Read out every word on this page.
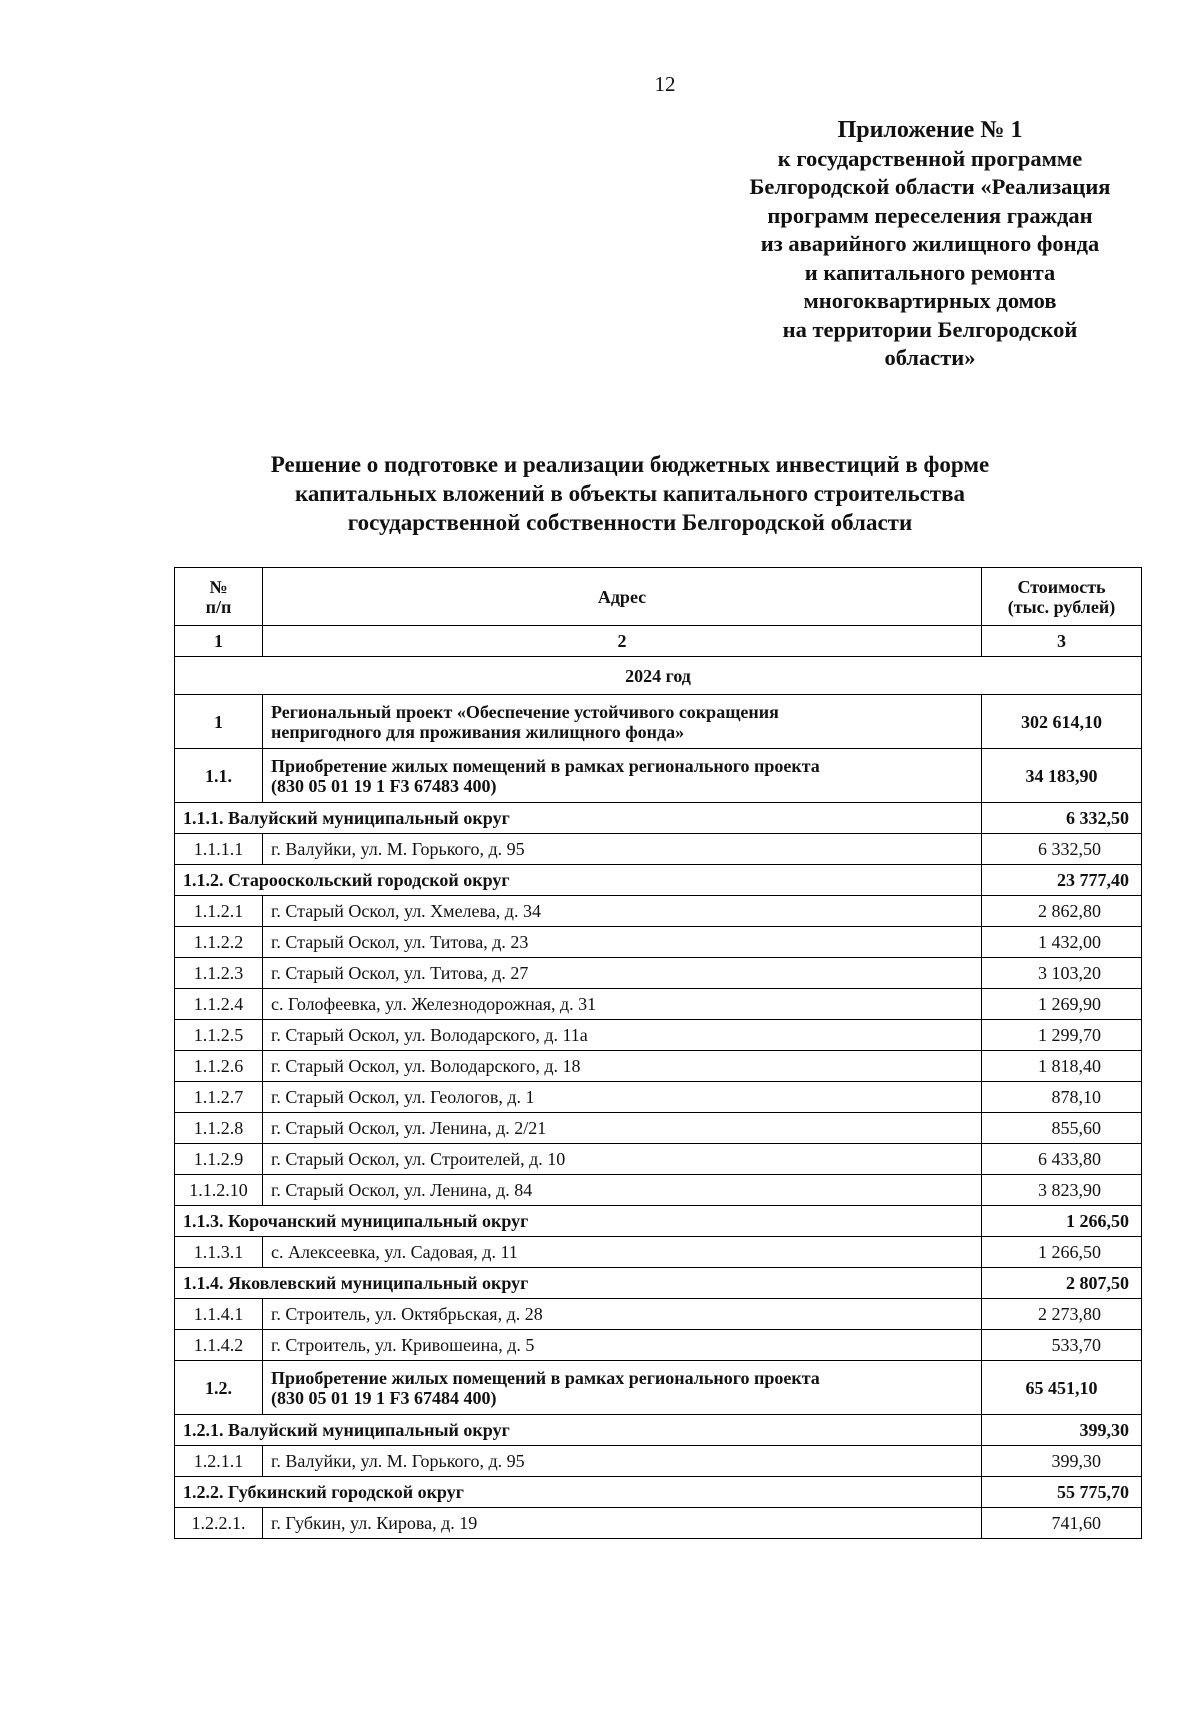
12
Приложение № 1
к государственной программе
Белгородской области «Реализация
программ переселения граждан
из аварийного жилищного фонда
и капитального ремонта
многоквартирных домов
на территории Белгородской
области»
Решение о подготовке и реализации бюджетных инвестиций в форме
капитальных вложений в объекты капитального строительства
государственной собственности Белгородской области
№
п/п	Адрес	Стоимость
(тыс. рублей)
1	2	3
2024 год		
1	Региональный проект «Обеспечение устойчивого сокращения
непригодного для проживания жилищного фонда»	302 614,10
1.1.	Приобретение жилых помещений в рамках регионального проекта
(830 05 01 19 1 F3 67483 400)	34 183,90
1.1.1. Валуйский муниципальный округ		6 332,50
1.1.1.1	г. Валуйки, ул. М. Горького, д. 95	6 332,50
1.1.2. Старооскольский городской округ		23 777,40
1.1.2.1	г. Старый Оскол, ул. Хмелева, д. 34	2 862,80
1.1.2.2	г. Старый Оскол, ул. Титова, д. 23	1 432,00
1.1.2.3	г. Старый Оскол, ул. Титова, д. 27	3 103,20
1.1.2.4	с. Голофеевка, ул. Железнодорожная, д. 31	1 269,90
1.1.2.5	г. Старый Оскол, ул. Володарского, д. 11а	1 299,70
1.1.2.6	г. Старый Оскол, ул. Володарского, д. 18	1 818,40
1.1.2.7	г. Старый Оскол, ул. Геологов, д. 1	878,10
1.1.2.8	г. Старый Оскол, ул. Ленина, д. 2/21	855,60
1.1.2.9	г. Старый Оскол, ул. Строителей, д. 10	6 433,80
1.1.2.10	г. Старый Оскол, ул. Ленина, д. 84	3 823,90
1.1.3. Корочанский муниципальный округ		1 266,50
1.1.3.1	с. Алексеевка, ул. Садовая, д. 11	1 266,50
1.1.4. Яковлевский муниципальный округ		2 807,50
1.1.4.1	г. Строитель, ул. Октябрьская, д. 28	2 273,80
1.1.4.2	г. Строитель, ул. Кривошеина, д. 5	533,70
1.2.	Приобретение жилых помещений в рамках регионального проекта
(830 05 01 19 1 F3 67484 400)	65 451,10
1.2.1. Валуйский муниципальный округ		399,30
1.2.1.1	г. Валуйки, ул. М. Горького, д. 95	399,30
1.2.2. Губкинский городской округ		55 775,70
1.2.2.1.	г. Губкин, ул. Кирова, д. 19	741,60
